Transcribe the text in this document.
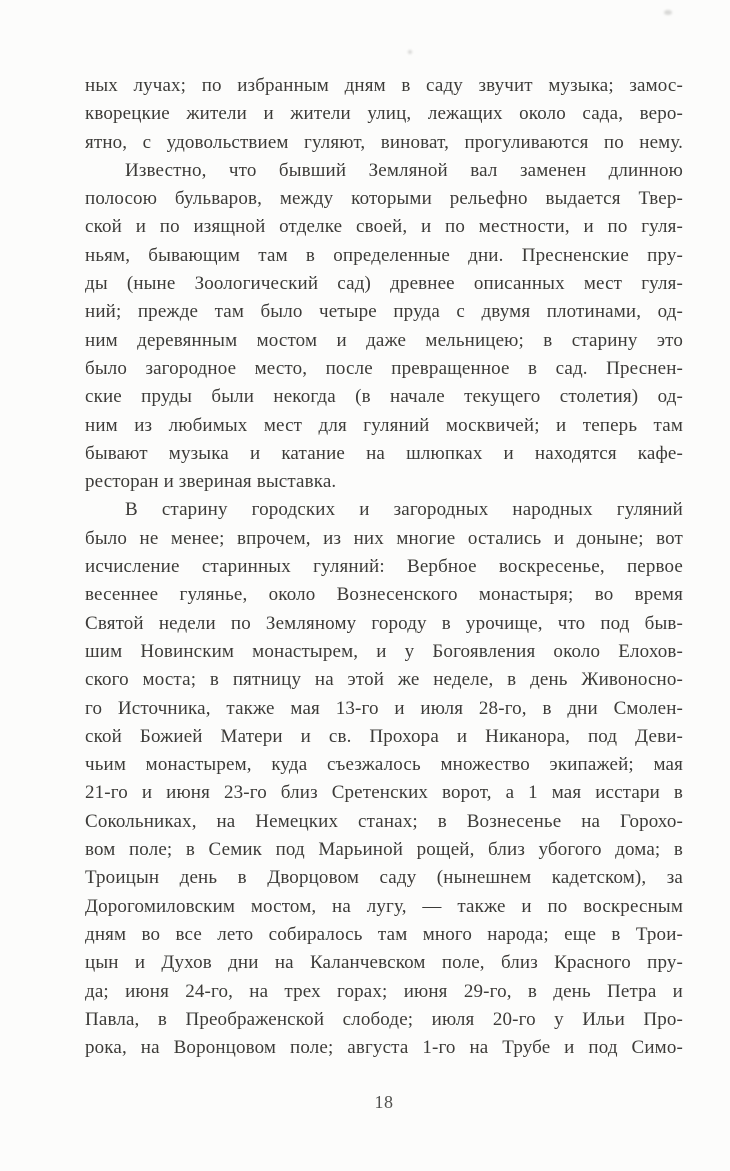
ных лучах; по избранным дням в саду звучит музыка; замос-
кворецкие жители и жители улиц, лежащих около сада, веро-
ятно, с удовольствием гуляют, виноват, прогуливаются по нему.
Известно, что бывший Земляной вал заменен длинною
полосою бульваров, между которыми рельефно выдается Твер-
ской и по изящной отделке своей, и по местности, и по гуля-
ньям, бывающим там в определенные дни. Пресненские пру-
ды (ныне Зоологический сад) древнее описанных мест гуля-
ний; прежде там было четыре пруда с двумя плотинами, од-
ним деревянным мостом и даже мельницею; в старину это
было загородное место, после превращенное в сад. Преснен-
ские пруды были некогда (в начале текущего столетия) од-
ним из любимых мест для гуляний москвичей; и теперь там
бывают музыка и катание на шлюпках и находятся кафе-
ресторан и звериная выставка.
В старину городских и загородных народных гуляний
было не менее; впрочем, из них многие остались и доныне; вот
исчисление старинных гуляний: Вербное воскресенье, первое
весеннее гулянье, около Вознесенского монастыря; во время
Святой недели по Земляному городу в урочище, что под быв-
шим Новинским монастырем, и у Богоявления около Елохов-
ского моста; в пятницу на этой же неделе, в день Живоносно-
го Источника, также мая 13-го и июля 28-го, в дни Смолен-
ской Божией Матери и св. Прохора и Никанора, под Деви-
чьим монастырем, куда съезжалось множество экипажей; мая
21-го и июня 23-го близ Сретенских ворот, а 1 мая исстари в
Сокольниках, на Немецких станах; в Вознесенье на Горохо-
вом поле; в Семик под Марьиной рощей, близ убогого дома; в
Троицын день в Дворцовом саду (нынешнем кадетском), за
Дорогомиловским мостом, на лугу, — также и по воскресным
дням во все лето собиралось там много народа; еще в Трои-
цын и Духов дни на Каланчевском поле, близ Красного пру-
да; июня 24-го, на трех горах; июня 29-го, в день Петра и
Павла, в Преображенской слободе; июля 20-го у Ильи Про-
рока, на Воронцовом поле; августа 1-го на Трубе и под Симо-
18
